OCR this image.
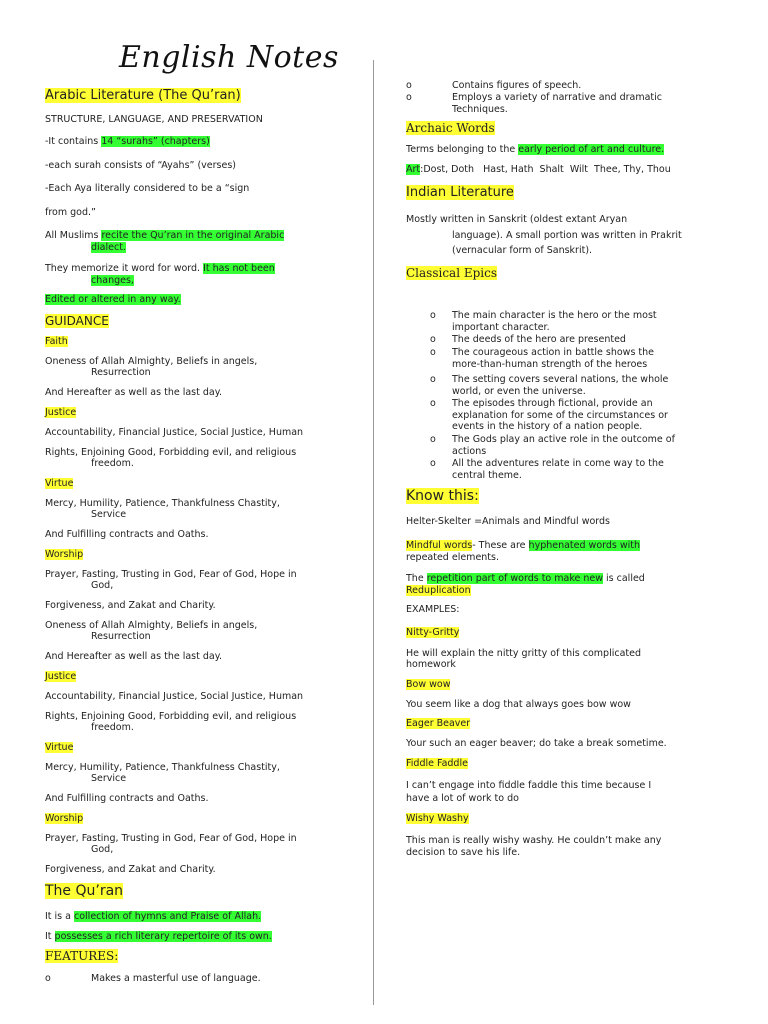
English Notes

Arabic Literature (The Qu’ran)

STRUCTURE, LANGUAGE, AND PRESERVATION

-It contains 14 “surahs” (chapters)

-each surah consists of “Ayahs” (verses)

-Each Aya literally considered to be a “sign

from god.”

All Muslims recite the Qu’ran in the original Arabic

dialect.

They memorize it word for word. It has not been

changes,

Edited or altered in any way.

GUIDANCE

Faith

Oneness of Allah Almighty, Beliefs in angels,

Resurrection

And Hereafter as well as the last day.

Justice

Accountability, Financial Justice, Social Justice, Human

Rights, Enjoining Good, Forbidding evil, and religious

freedom.

Virtue

Mercy, Humility, Patience, Thankfulness Chastity,

Service

And Fulfilling contracts and Oaths.

Worship

Prayer, Fasting, Trusting in God, Fear of God, Hope in

God,

Forgiveness, and Zakat and Charity.

Oneness of Allah Almighty, Beliefs in angels,

Resurrection

And Hereafter as well as the last day.

Justice

Accountability, Financial Justice, Social Justice, Human

Rights, Enjoining Good, Forbidding evil, and religious

freedom.

Virtue

Mercy, Humility, Patience, Thankfulness Chastity,

Service

And Fulfilling contracts and Oaths.

Worship

Prayer, Fasting, Trusting in God, Fear of God, Hope in

God,

Forgiveness, and Zakat and Charity.

The Qu’ran

It is a collection of hymns and Praise of Allah.

It possesses a rich literary repertoire of its own.

FEATURES:

o	Makes a masterful use of language.
o	Contains figures of speech.
o	Employs a variety of narrative and dramatic
Techniques.

Archaic Words

Terms belonging to the early period of art and culture.

Art:Dost, Doth   Hast, Hath  Shalt  Wilt  Thee, Thy, Thou

Indian Literature

Mostly written in Sanskrit (oldest extant Aryan

language). A small portion was written in Prakrit

(vernacular form of Sanskrit).

Classical Epics

o The main character is the hero or the most
important character.
o The deeds of the hero are presented
o The courageous action in battle shows the
more-than-human strength of the heroes
o The setting covers several nations, the whole
world, or even the universe.
o The episodes through fictional, provide an
explanation for some of the circumstances or
events in the history of a nation people.
o The Gods play an active role in the outcome of
actions
o All the adventures relate in come way to the
central theme.

Know this:

Helter-Skelter =Animals and Mindful words

Mindful words- These are hyphenated words with

repeated elements.

The repetition part of words to make new is called

Reduplication

EXAMPLES:

Nitty-Gritty

He will explain the nitty gritty of this complicated

homework

Bow wow

You seem like a dog that always goes bow wow

Eager Beaver

Your such an eager beaver; do take a break sometime.

Fiddle Faddle

I can’t engage into fiddle faddle this time because I

have a lot of work to do

Wishy Washy

This man is really wishy washy. He couldn’t make any

decision to save his life.
